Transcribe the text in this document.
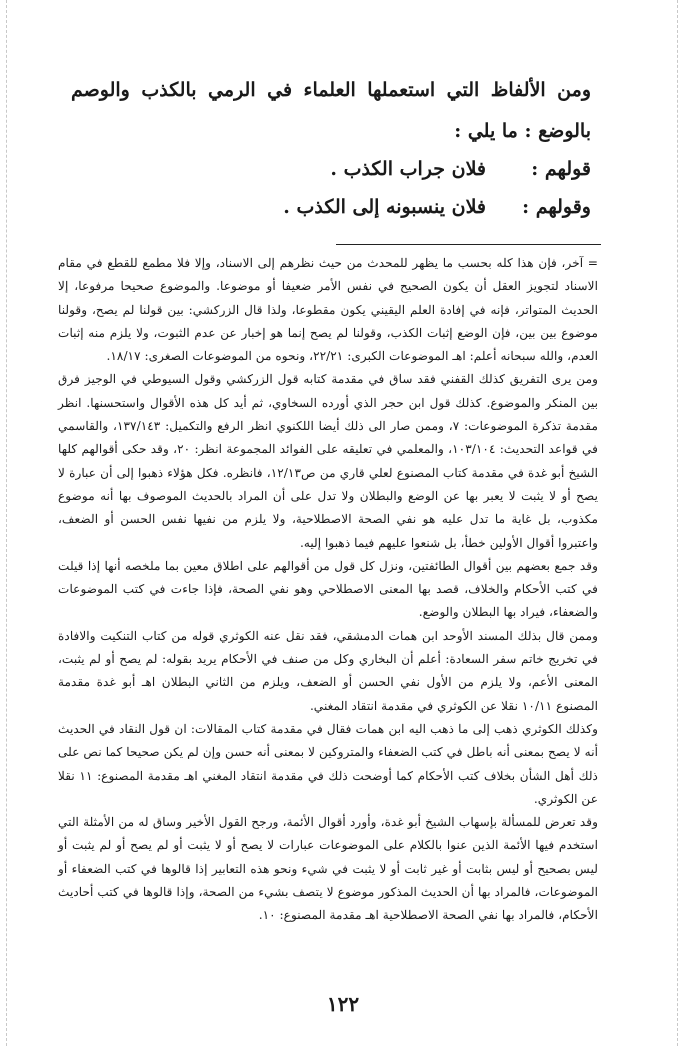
ومن الألفاظ التي استعملها العلماء في الرمي بالكذب والوصم بالوضع : ما يلي :
قولهم :
فلان جراب الكذب .
وقولهم :
فلان ينسبونه إلى الكذب .

= آخر، فإن هذا كله بحسب ما يظهر للمحدث من حيث نظرهم إلى الاسناد، وإلا فلا مطمع للقطع في مقام الاسناد لتجويز العقل أن يكون الصحيح في نفس الأمر ضعيفا أو موضوعا. والموضوع صحيحا مرفوعا، إلا الحديث المتواتر، فإنه في إفادة العلم اليقيني يكون مقطوعا، ولذا قال الزركشي: بين قولنا لم يصح، وقولنا موضوع بين بين، فإن الوضع إثبات الكذب، وقولنا لم يصح إنما هو إخبار عن عدم الثبوت، ولا يلزم منه إثبات العدم، والله سبحانه أعلم: اهـ الموضوعات الكبرى: ٢٢/٢١، ونحوه من الموضوعات الصغرى: ١٨/١٧.

ومن يرى التفريق كذلك القفني فقد ساق في مقدمة كتابه قول الزركشي وقول السيوطي في الوجيز فرق بين المنكر والموضوع. كذلك قول ابن حجر الذي أورده السخاوي، ثم أيد كل هذه الأقوال واستحسنها. انظر مقدمة تذكرة الموضوعات: ٧، وممن صار الى ذلك أيضا اللكنوي انظر الرفع والتكميل: ١٣٧/١٤٣، والقاسمي في قواعد التحديث: ١٠٣/١٠٤، والمعلمي في تعليقه على الفوائد المجموعة انظر: ٢٠، وقد حكى أقوالهم كلها الشيخ أبو غدة في مقدمة كتاب المصنوع لعلي قاري من ص١٢/١٣، فانظره. فكل هؤلاء ذهبوا إلى أن عبارة لا يصح أو لا يثبت لا يعبر بها عن الوضع والبطلان ولا تدل على أن المراد بالحديث الموصوف بها أنه موضوع مكذوب، بل غاية ما تدل عليه هو نفي الصحة الاصطلاحية، ولا يلزم من نفيها نفس الحسن أو الضعف، واعتبروا أقوال الأولين خطأ، بل شنعوا عليهم فيما ذهبوا إليه.

وقد جمع بعضهم بين أقوال الطائفتين، ونزل كل قول من أقوالهم على اطلاق معين بما ملخصه أنها إذا قيلت في كتب الأحكام والخلاف، قصد بها المعنى الاصطلاحي وهو نفي الصحة، فإذا جاءت في كتب الموضوعات والضعفاء، فيراد بها البطلان والوضع.

وممن قال بذلك المسند الأوحد ابن همات الدمشقي، فقد نقل عنه الكوثري قوله من كتاب التنكيت والافادة في تخريج خاتم سفر السعادة: أعلم أن البخاري وكل من صنف في الأحكام يريد بقوله: لم يصح أو لم يثبت، المعنى الأعم، ولا يلزم من الأول نفي الحسن أو الضعف، ويلزم من الثاني البطلان اهـ أبو غدة مقدمة المصنوع ١٠/١١ نقلا عن الكوثري في مقدمة انتقاد المغني.

وكذلك الكوثري ذهب إلى ما ذهب اليه ابن همات فقال في مقدمة كتاب المقالات: ان قول النقاد في الحديث أنه لا يصح بمعنى أنه باطل في كتب الضعفاء والمتروكين لا بمعنى أنه حسن وإن لم يكن صحيحا كما نص على ذلك أهل الشأن بخلاف كتب الأحكام كما أوضحت ذلك في مقدمة انتقاد المغني اهـ مقدمة المصنوع: ١١ نقلا عن الكوثري.

وقد تعرض للمسألة بإسهاب الشيخ أبو غدة، وأورد أقوال الأئمة، ورجح القول الأخير وساق له من الأمثلة التي استخدم فيها الأئمة الذين عنوا بالكلام على الموضوعات عبارات لا يصح أو لا يثبت أو لم يصح أو لم يثبت أو ليس بصحيح أو ليس بثابت أو غير ثابت أو لا يثبت في شيء ونحو هذه التعابير إذا قالوها في كتب الضعفاء أو الموضوعات، فالمراد بها أن الحديث المذكور موضوع لا يتصف بشيء من الصحة، وإذا قالوها في كتب أحاديث الأحكام، فالمراد بها نفي الصحة الاصطلاحية اهـ مقدمة المصنوع: ١٠.

١٢٢
